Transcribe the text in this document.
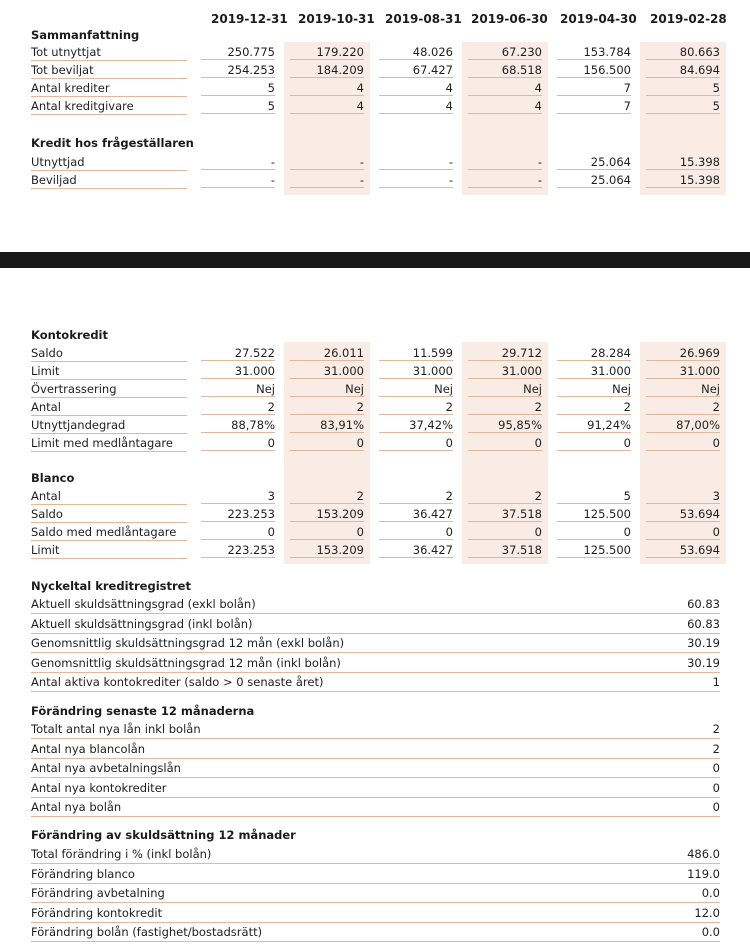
2019-12-31 2019-10-31 2019-08-31 2019-06-30 2019-04-30 2019-02-28
Sammanfattning
Kredit hos frågeställaren
Kontokredit
Blanco
Tot utnyttjat	250.775	179.220	48.026	67.230	153.784	80.663
Tot beviljat	254.253	184.209	67.427	68.518	156.500	84.694
Antal krediter	5	4	4	4	7	5
Antal kreditgivare	5	4	4	4	7	5
Utnyttjad	-	-	-	-	25.064	15.398
Beviljad	-	-	-	-	25.064	15.398
Saldo	27.522	26.011	11.599	29.712	28.284	26.969
Limit	31.000	31.000	31.000	31.000	31.000	31.000
Övertrassering	Nej	Nej	Nej	Nej	Nej	Nej
Antal	2	2	2	2	2	2
Utnyttjandegrad	88,78%	83,91%	37,42%	95,85%	91,24%	87,00%
Limit med medlåntagare	0	0	0	0	0	0
Antal	3	2	2	2	5	3
Saldo	223.253	153.209	36.427	37.518	125.500	53.694
Saldo med medlåntagare	0	0	0	0	0	0
Limit	223.253	153.209	36.427	37.518	125.500	53.694
Nyckeltal kreditregistret
Förändring senaste 12 månaderna
Förändring av skuldsättning 12 månader
Aktuell skuldsättningsgrad (exkl bolån)	60.83
Aktuell skuldsättningsgrad (inkl bolån)	60.83
Genomsnittlig skuldsättningsgrad 12 mån (exkl bolån)	30.19
Genomsnittlig skuldsättningsgrad 12 mån (inkl bolån)	30.19
Antal aktiva kontokrediter (saldo > 0 senaste året)	1
Totalt antal nya lån inkl bolån	2
Antal nya blancolån	2
Antal nya avbetalningslån	0
Antal nya kontokrediter	0
Antal nya bolån	0
Total förändring i % (inkl bolån)	486.0
Förändring blanco	119.0
Förändring avbetalning	0.0
Förändring kontokredit	12.0
Förändring bolån (fastighet/bostadsrätt)	0.0
